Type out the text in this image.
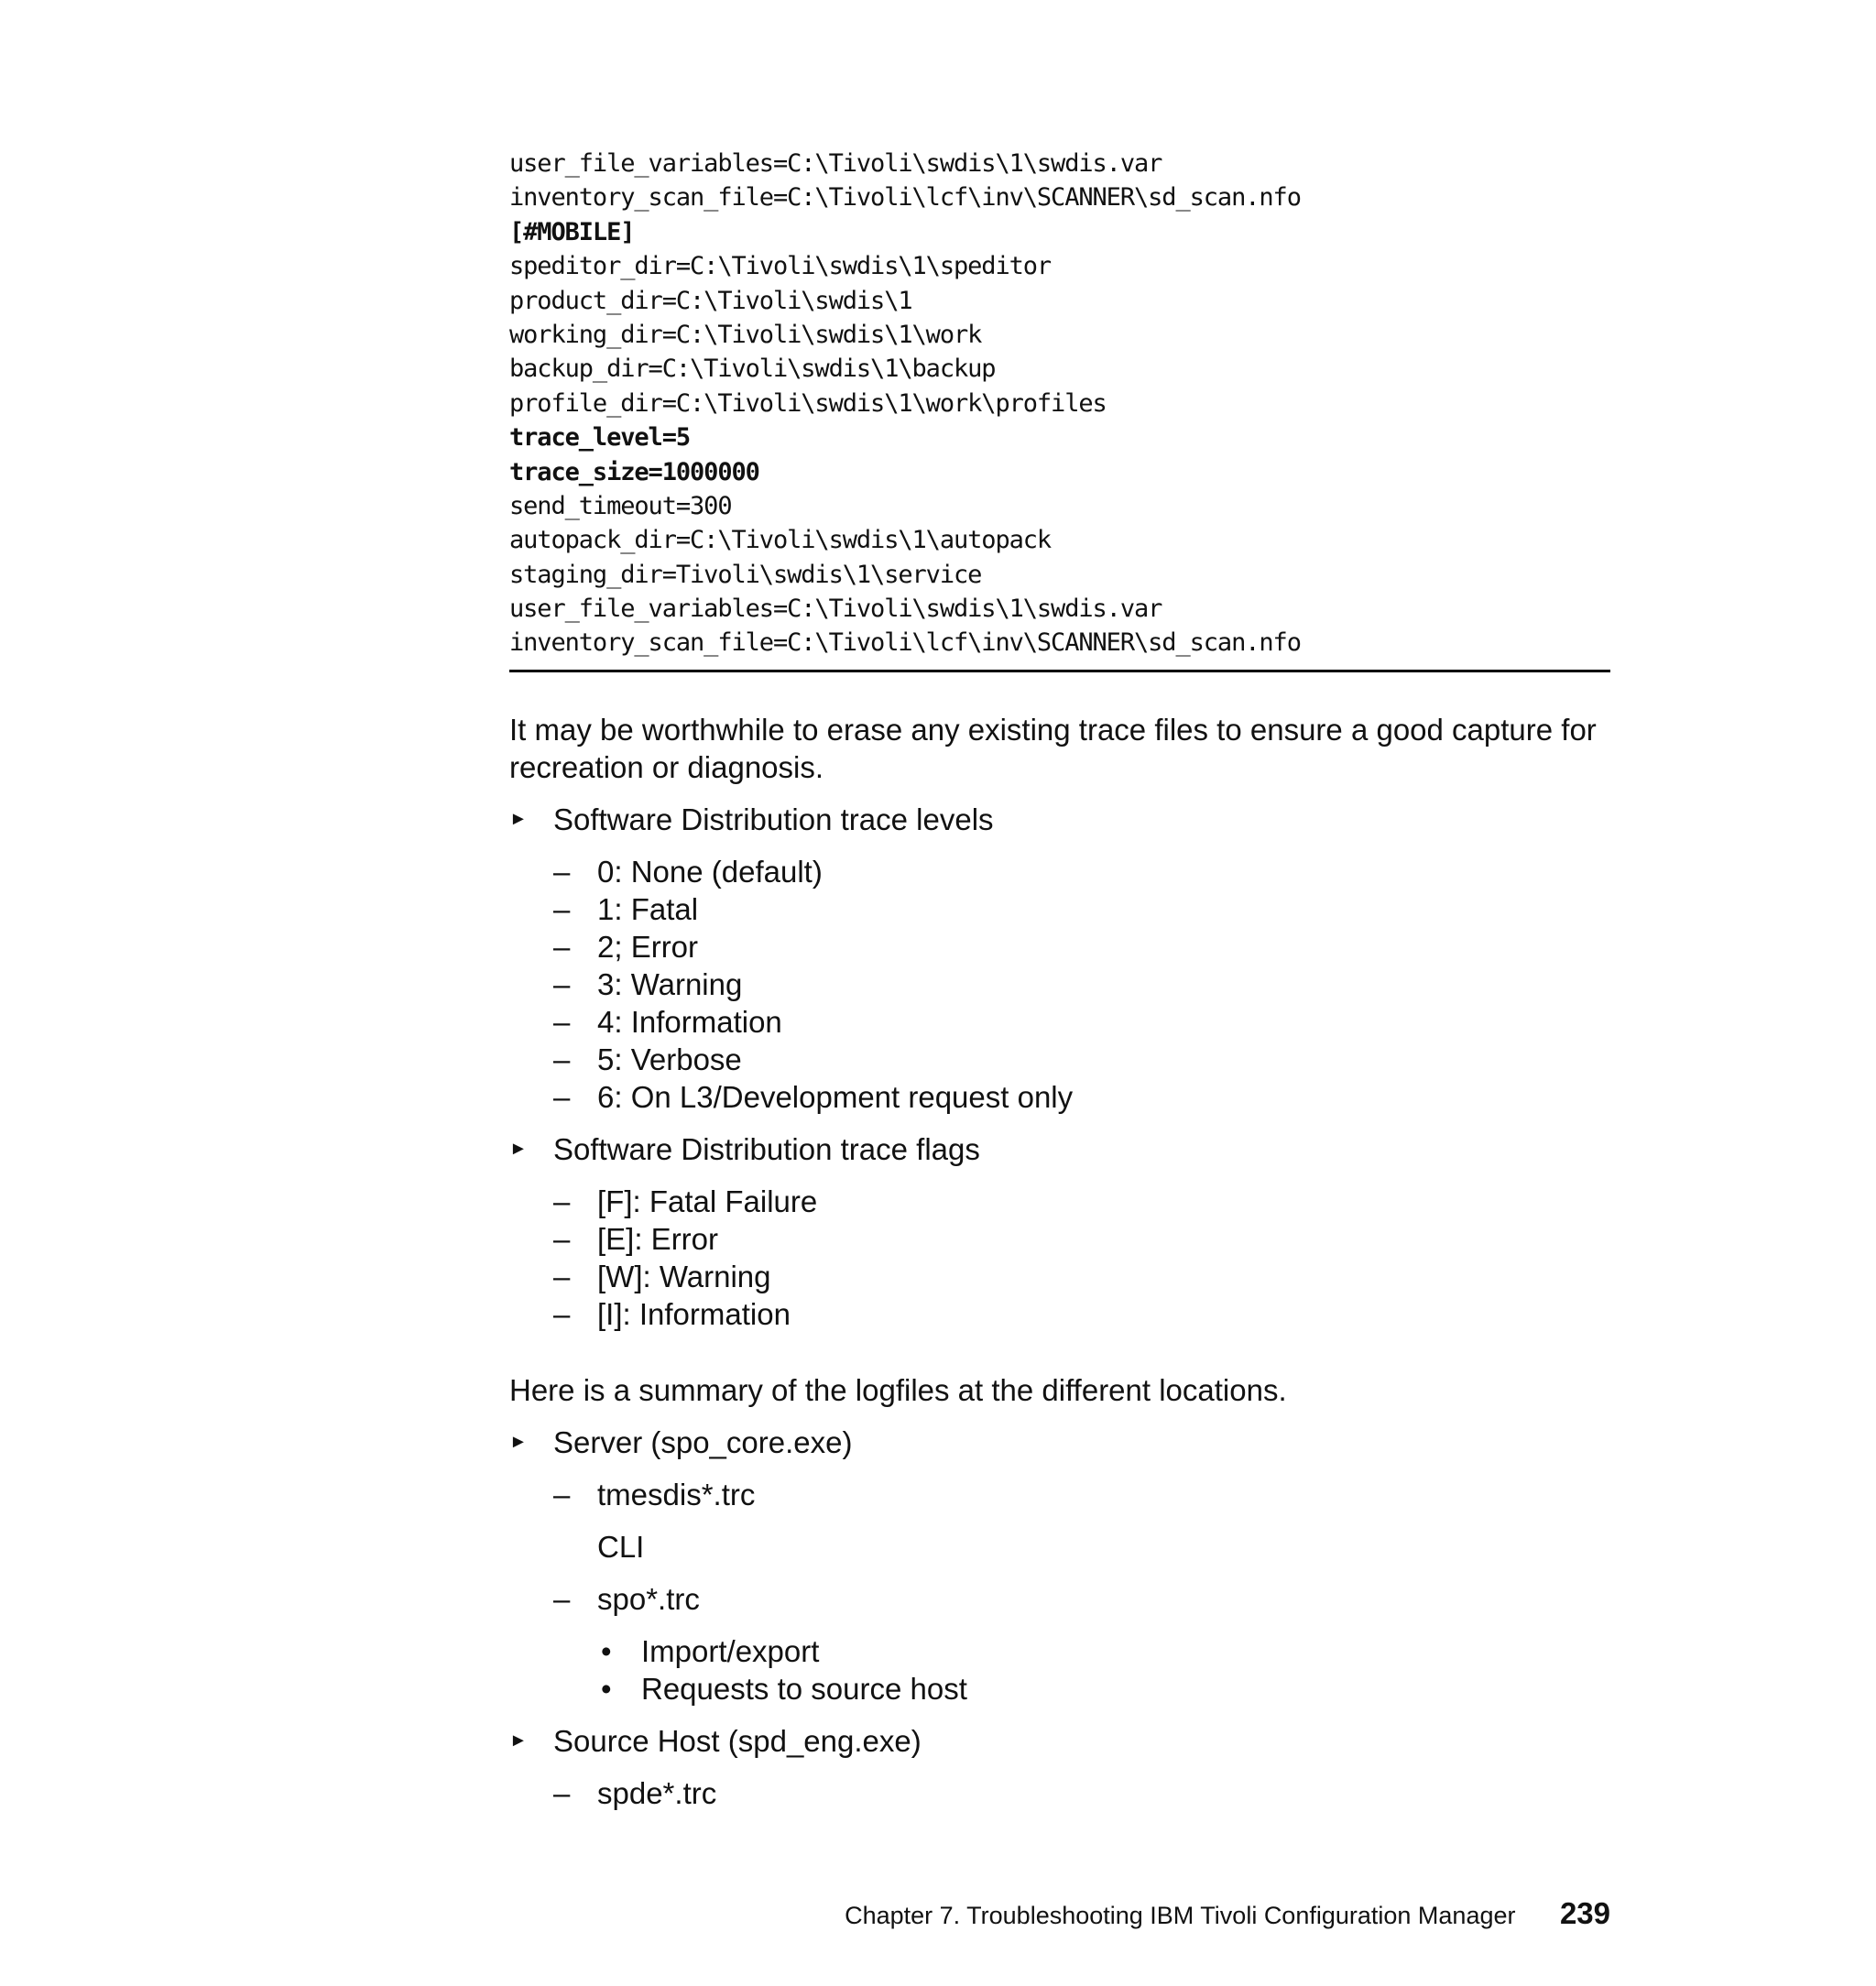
user_file_variables=C:\Tivoli\swdis\1\swdis.var
inventory_scan_file=C:\Tivoli\lcf\inv\SCANNER\sd_scan.nfo
[#MOBILE]
speditor_dir=C:\Tivoli\swdis\1\speditor
product_dir=C:\Tivoli\swdis\1
working_dir=C:\Tivoli\swdis\1\work
backup_dir=C:\Tivoli\swdis\1\backup
profile_dir=C:\Tivoli\swdis\1\work\profiles
trace_level=5
trace_size=1000000
send_timeout=300
autopack_dir=C:\Tivoli\swdis\1\autopack
staging_dir=Tivoli\swdis\1\service
user_file_variables=C:\Tivoli\swdis\1\swdis.var
inventory_scan_file=C:\Tivoli\lcf\inv\SCANNER\sd_scan.nfo

It may be worthwhile to erase any existing trace files to ensure a good capture for recreation or diagnosis.

► Software Distribution trace levels
– 0: None (default)
– 1: Fatal
– 2; Error
– 3: Warning
– 4: Information
– 5: Verbose
– 6: On L3/Development request only
► Software Distribution trace flags
– [F]: Fatal Failure
– [E]: Error
– [W]: Warning
– [I]: Information

Here is a summary of the logfiles at the different locations.

► Server (spo_core.exe)
– tmesdis*.trc
CLI
– spo*.trc
• Import/export
• Requests to source host
► Source Host (spd_eng.exe)
– spde*.trc
Chapter 7. Troubleshooting IBM Tivoli Configuration Manager 239
